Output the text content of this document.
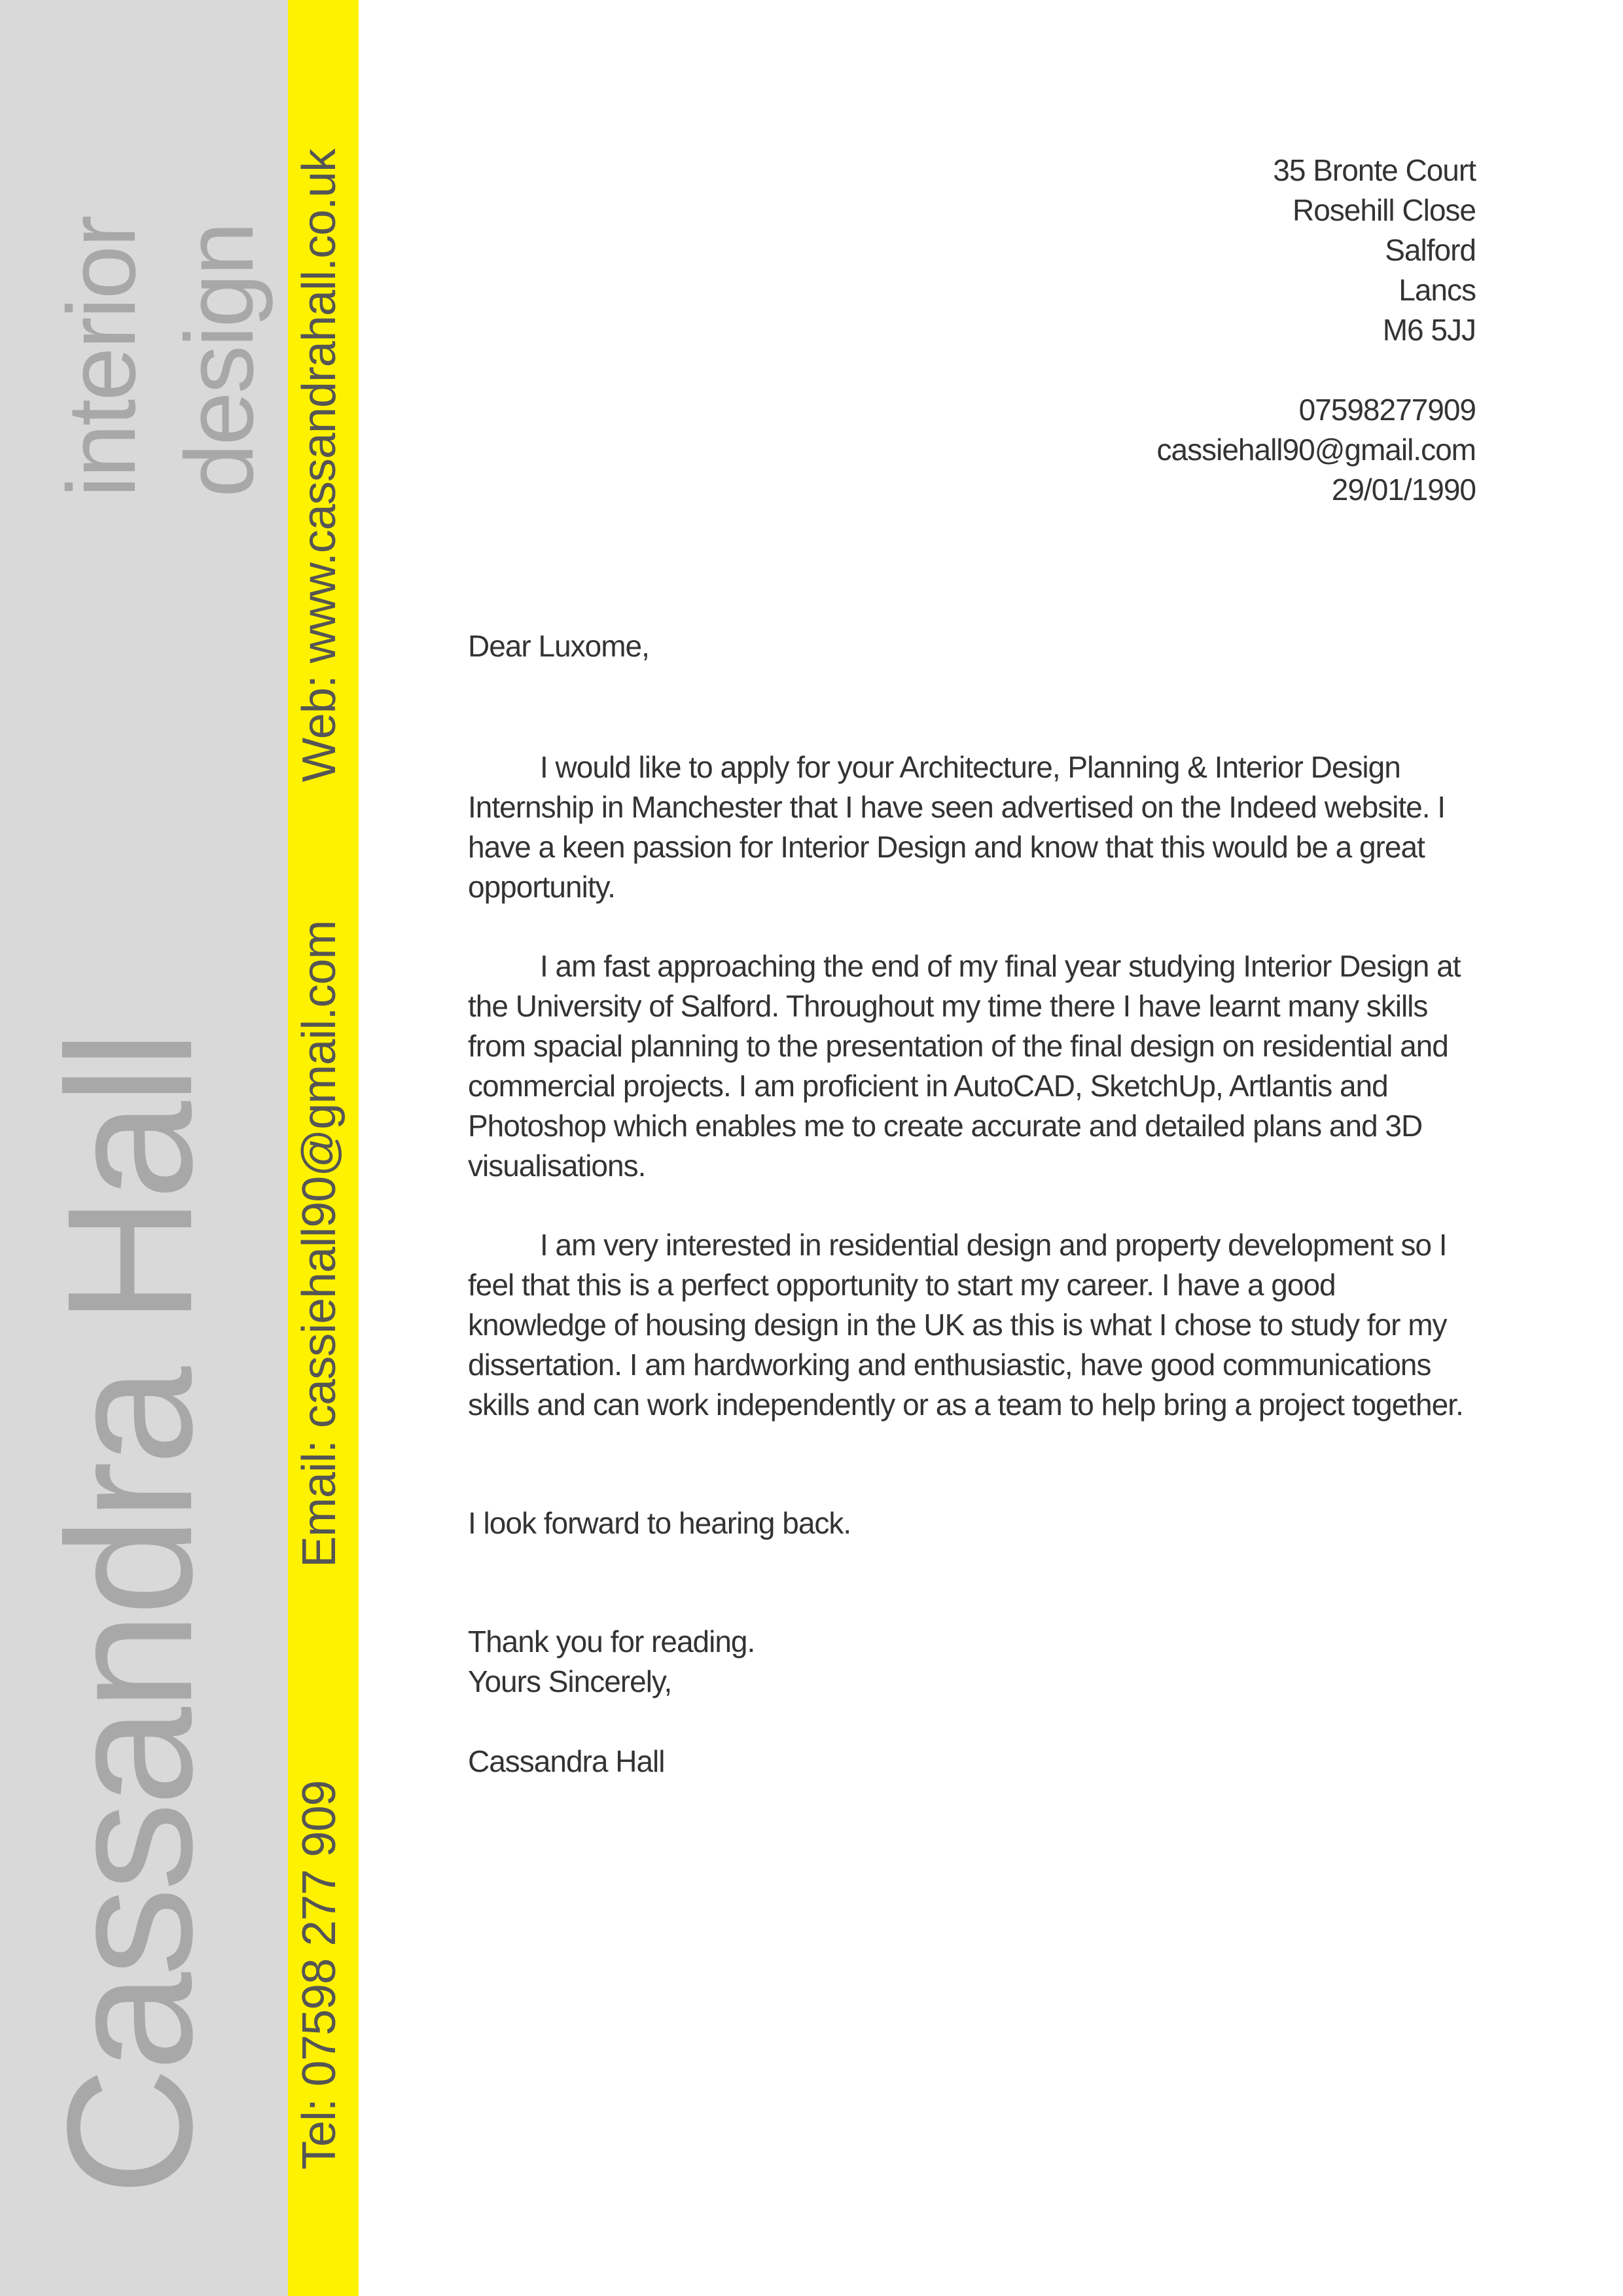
Cassandra Hall
interior design
Tel: 07598 277 909
Email: cassiehall90@gmail.com
Web: www.cassandrahall.co.uk	35 Bronte Court
Rosehill Close
Salford
Lancs
M6 5JJ
07598277909
cassiehall90@gmail.com
29/01/1990

Dear Luxome,

I would like to apply for your Architecture, Planning & Interior Design Internship in Manchester that I have seen advertised on the Indeed website. I have a keen passion for Interior Design and know that this would be a great opportunity.

I am fast approaching the end of my final year studying Interior Design at the University of Salford. Throughout my time there I have learnt many skills from spacial planning to the presentation of the final design on residential and commercial projects. I am proficient in AutoCAD, SketchUp, Artlantis and Photoshop which enables me to create accurate and detailed plans and 3D visualisations.

I am very interested in residential design and property development so I feel that this is a perfect opportunity to start my career. I have a good knowledge of housing design in the UK as this is what I chose to study for my dissertation. I am hardworking and enthusiastic, have good communications skills and can work independently or as a team to help bring a project together.

I look forward to hearing back.

Thank you for reading.

Yours Sincerely,

Cassandra Hall
